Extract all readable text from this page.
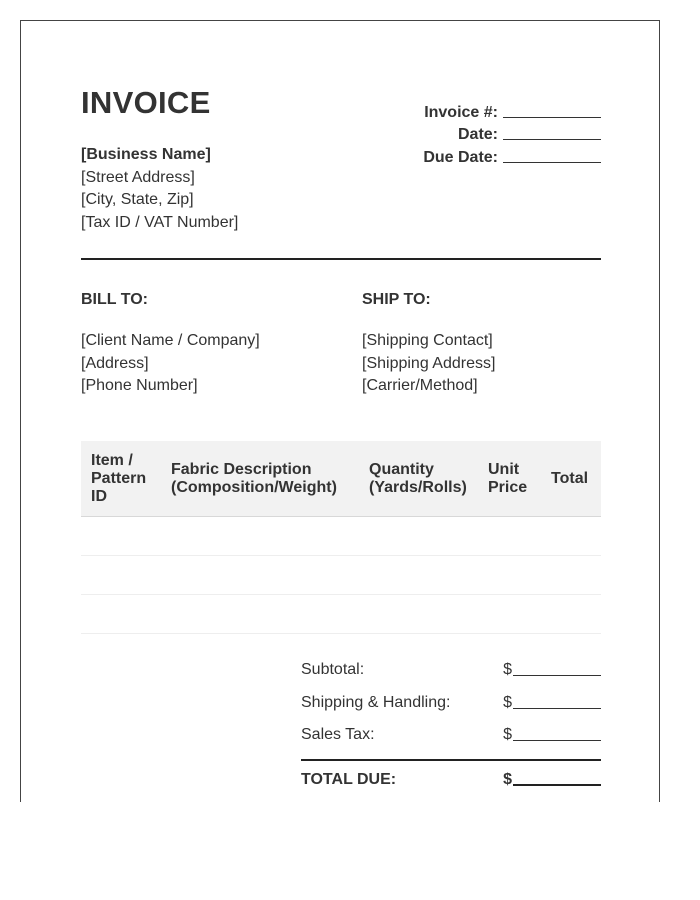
INVOICE	Invoice #:
Date:
Due Date:
[Business Name]
[Street Address]
[City, State, Zip]
[Tax ID / VAT Number]
BILL TO:
[Client Name / Company]
[Address]
[Phone Number]
SHIP TO:
[Shipping Contact]
[Shipping Address]
[Carrier/Method]
Item / Pattern ID	Fabric Description (Composition/Weight)	Quantity (Yards/Rolls)	Unit Price	Total

Subtotal:	$
Shipping & Handling:	$
Sales Tax:	$
TOTAL DUE:	$
